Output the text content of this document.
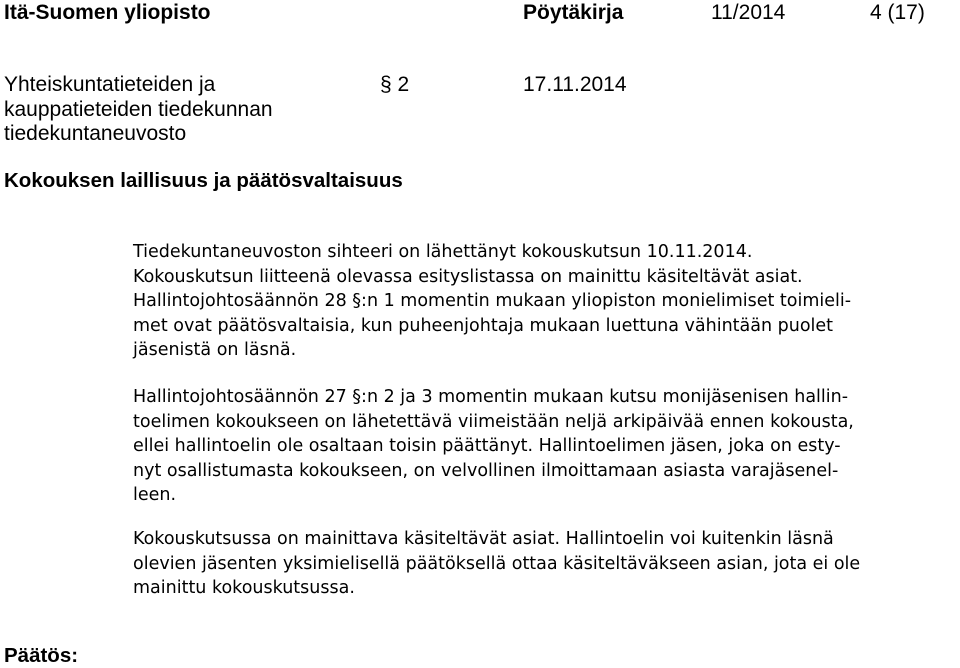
Itä-Suomen yliopisto	Pöytäkirja	11/2014	4 (17)
Yhteiskuntatieteiden ja
kauppatieteiden tiedekunnan
tiedekuntaneuvosto
§ 2	17.11.2014
Kokouksen laillisuus ja päätösvaltaisuus
Tiedekuntaneuvoston sihteeri on lähettänyt kokouskutsun 10.11.2014.
Kokouskutsun liitteenä olevassa esityslistassa on mainittu käsiteltävät asiat.
Hallintojohtosäännön 28 §:n 1 momentin mukaan yliopiston monielimiset toimieli-
met ovat päätösvaltaisia, kun puheenjohtaja mukaan luettuna vähintään puolet
jäsenistä on läsnä.
Hallintojohtosäännön 27 §:n 2 ja 3 momentin mukaan kutsu monijäsenisen hallin-
toelimen kokoukseen on lähetettävä viimeistään neljä arkipäivää ennen kokousta,
ellei hallintoelin ole osaltaan toisin päättänyt. Hallintoelimen jäsen, joka on esty-
nyt osallistumasta kokoukseen, on velvollinen ilmoittamaan asiasta varajäsenel-
leen.
Kokouskutsussa on mainittava käsiteltävät asiat. Hallintoelin voi kuitenkin läsnä
olevien jäsenten yksimielisellä päätöksellä ottaa käsiteltäväkseen asian, jota ei ole
mainittu kokouskutsussa.
Päätös:
